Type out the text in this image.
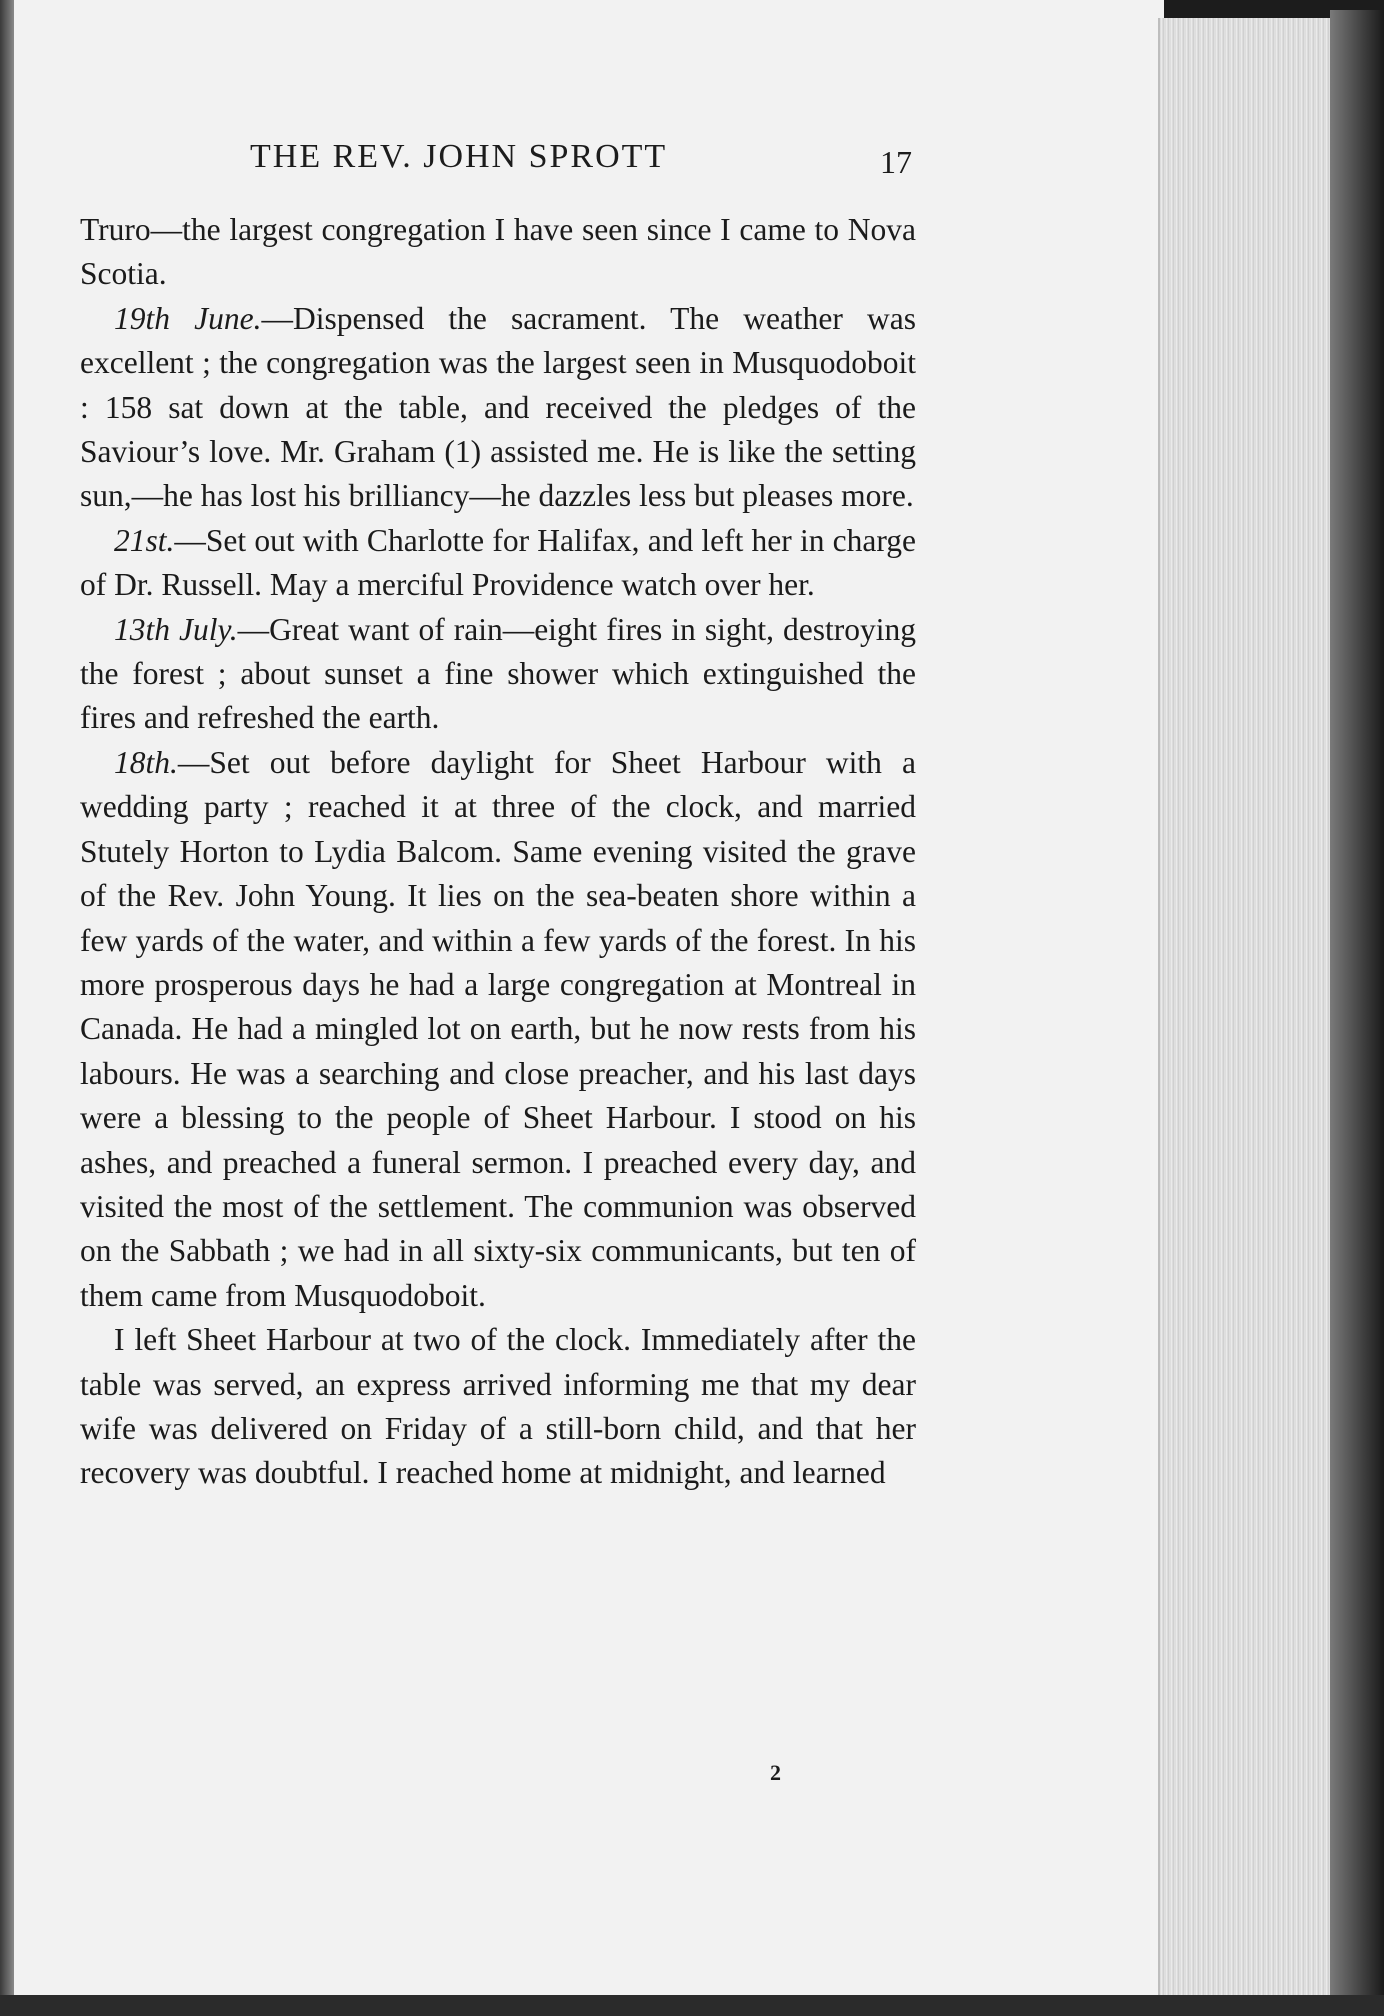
THE REV. JOHN SPROTT	17

Truro—the largest congregation I have seen since I came to Nova Scotia.

19th June.—Dispensed the sacrament. The weather was excellent ; the congregation was the largest seen in Musquodoboit : 158 sat down at the table, and received the pledges of the Saviour’s love. Mr. Graham (1) assisted me. He is like the setting sun,—he has lost his brilliancy—he dazzles less but pleases more.

21st.—Set out with Charlotte for Halifax, and left her in charge of Dr. Russell. May a merciful Providence watch over her.

13th July.—Great want of rain—eight fires in sight, destroying the forest ; about sunset a fine shower which extinguished the fires and refreshed the earth.

18th.—Set out before daylight for Sheet Harbour with a wedding party ; reached it at three of the clock, and married Stutely Horton to Lydia Balcom. Same evening visited the grave of the Rev. John Young. It lies on the sea-beaten shore within a few yards of the water, and within a few yards of the forest. In his more prosperous days he had a large congregation at Montreal in Canada. He had a mingled lot on earth, but he now rests from his labours. He was a searching and close preacher, and his last days were a blessing to the people of Sheet Harbour. I stood on his ashes, and preached a funeral sermon. I preached every day, and visited the most of the settlement. The communion was observed on the Sabbath ; we had in all sixty-six communicants, but ten of them came from Musquodoboit.

I left Sheet Harbour at two of the clock. Immediately after the table was served, an express arrived informing me that my dear wife was delivered on Friday of a still-born child, and that her recovery was doubtful. I reached home at midnight, and learned

2
